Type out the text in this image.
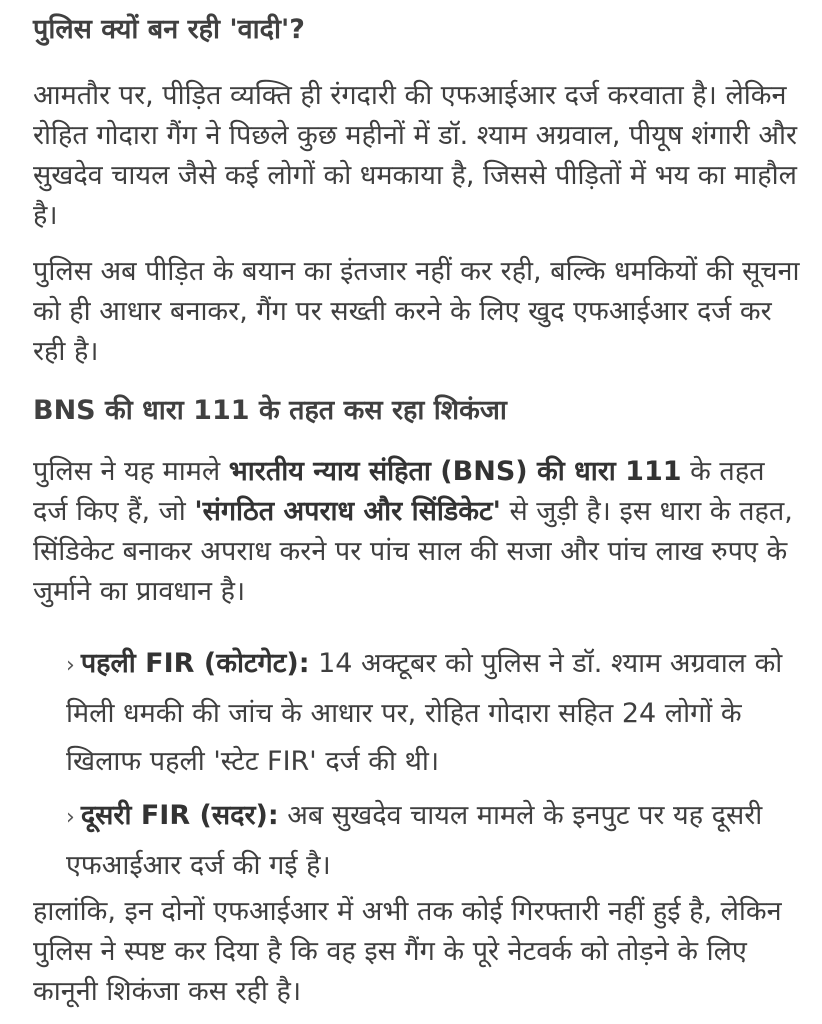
पुलिस क्यों बन रही 'वादी'?

आमतौर पर, पीड़ित व्यक्ति ही रंगदारी की एफआईआर दर्ज करवाता है। लेकिन रोहित गोदारा गैंग ने पिछले कुछ महीनों में डॉ. श्याम अग्रवाल, पीयूष शंगारी और सुखदेव चायल जैसे कई लोगों को धमकाया है, जिससे पीड़ितों में भय का माहौल है।

पुलिस अब पीड़ित के बयान का इंतजार नहीं कर रही, बल्कि धमकियों की सूचना को ही आधार बनाकर, गैंग पर सख्ती करने के लिए खुद एफआईआर दर्ज कर रही है।

BNS की धारा 111 के तहत कस रहा शिकंजा

पुलिस ने यह मामले भारतीय न्याय संहिता (BNS) की धारा 111 के तहत दर्ज किए हैं, जो 'संगठित अपराध और सिंडिकेट' से जुड़ी है। इस धारा के तहत, सिंडिकेट बनाकर अपराध करने पर पांच साल की सजा और पांच लाख रुपए के जुर्माने का प्रावधान है।

› पहली FIR (कोटगेट): 14 अक्टूबर को पुलिस ने डॉ. श्याम अग्रवाल को मिली धमकी की जांच के आधार पर, रोहित गोदारा सहित 24 लोगों के खिलाफ पहली 'स्टेट FIR' दर्ज की थी।
› दूसरी FIR (सदर): अब सुखदेव चायल मामले के इनपुट पर यह दूसरी एफआईआर दर्ज की गई है।

हालांकि, इन दोनों एफआईआर में अभी तक कोई गिरफ्तारी नहीं हुई है, लेकिन पुलिस ने स्पष्ट कर दिया है कि वह इस गैंग के पूरे नेटवर्क को तोड़ने के लिए कानूनी शिकंजा कस रही है।
